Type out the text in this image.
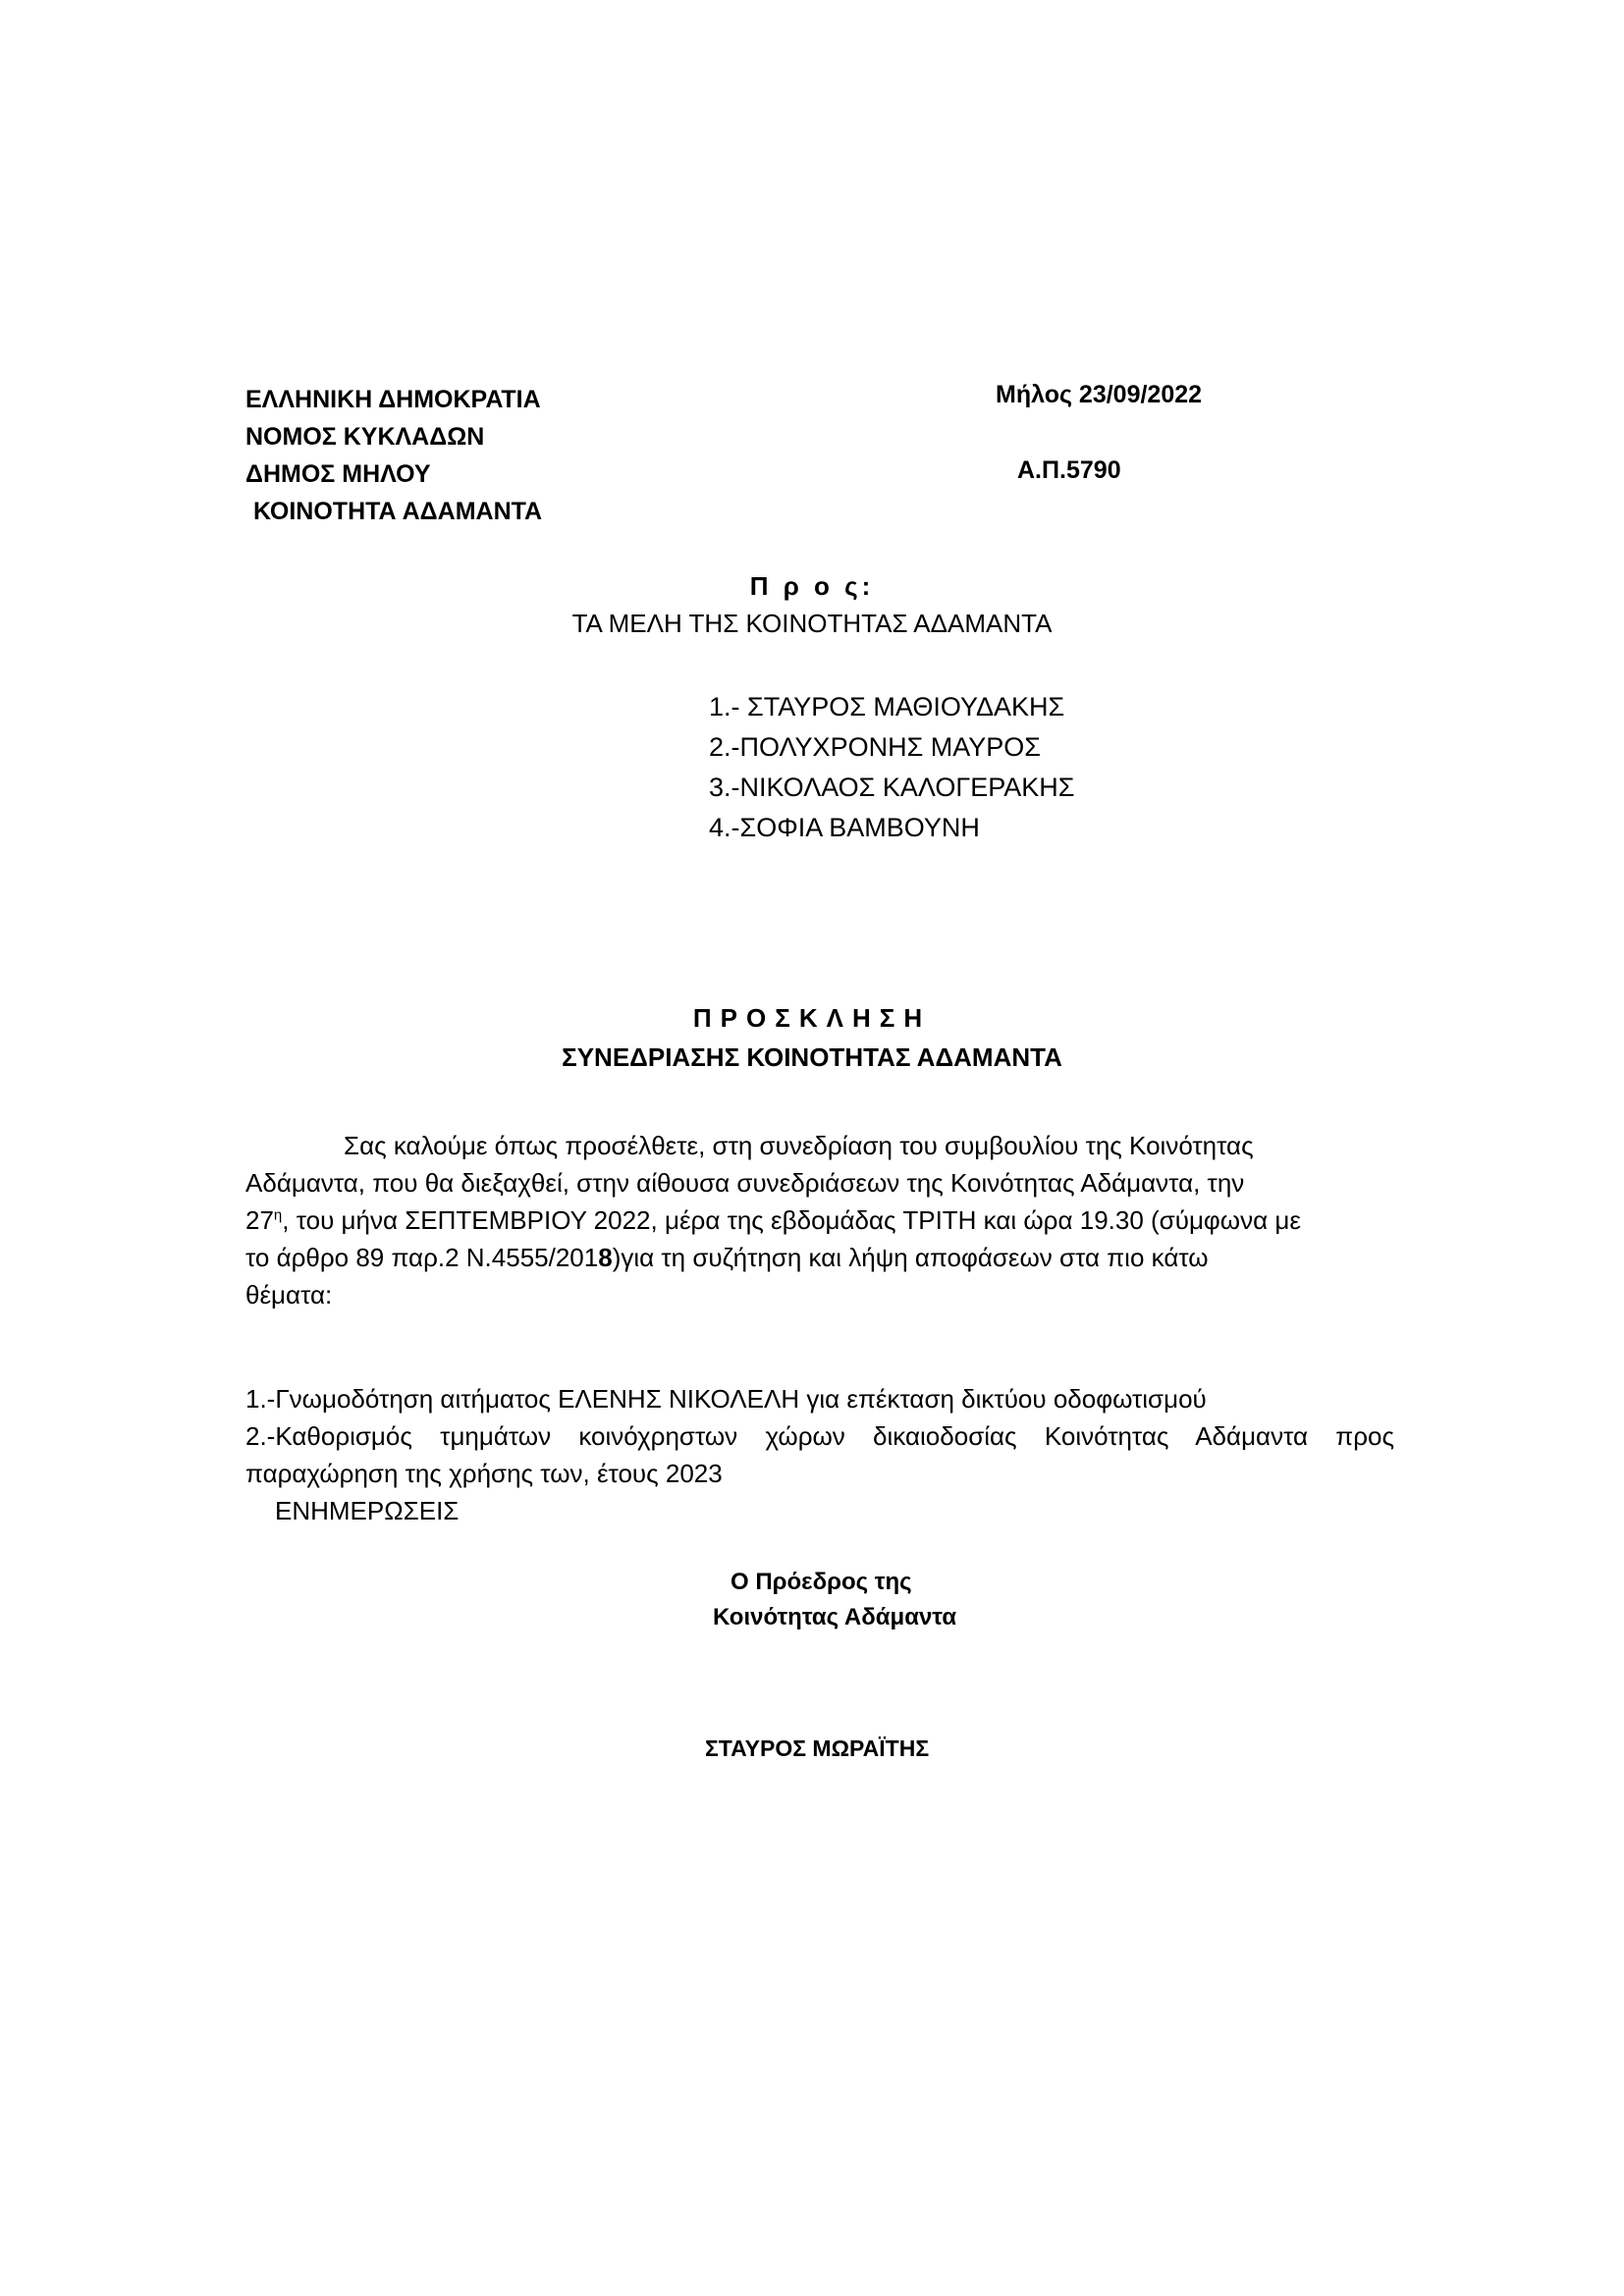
ΕΛΛΗΝΙΚΗ ΔΗΜΟΚΡΑΤΙΑ
ΝΟΜΟΣ ΚΥΚΛΑΔΩΝ
ΔΗΜΟΣ ΜΗΛΟΥ
ΚΟΙΝΟΤΗΤΑ ΑΔΑΜΑΝΤΑ
Μήλος 23/09/2022
Α.Π.5790
Π ρ ο ς:
ΤΑ ΜΕΛΗ ΤΗΣ ΚΟΙΝΟΤΗΤΑΣ ΑΔΑΜΑΝΤΑ
1.- ΣΤΑΥΡΟΣ ΜΑΘΙΟΥΔΑΚΗΣ
2.-ΠΟΛΥΧΡΟΝΗΣ ΜΑΥΡΟΣ
3.-ΝΙΚΟΛΑΟΣ ΚΑΛΟΓΕΡΑΚΗΣ
4.-ΣΟΦΙΑ ΒΑΜΒΟΥΝΗ
ΠΡΟΣΚΛΗΣΗ
ΣΥΝΕΔΡΙΑΣΗΣ ΚΟΙΝΟΤΗΤΑΣ ΑΔΑΜΑΝΤΑ
Σας καλούμε όπως προσέλθετε, στη συνεδρίαση του συμβουλίου της Κοινότητας
Αδάμαντα, που θα διεξαχθεί, στην αίθουσα συνεδριάσεων της Κοινότητας Αδάμαντα, την
$27^\eta$, του μήνα ΣΕΠΤΕΜΒΡΙΟΥ 2022, μέρα της εβδομάδας ΤΡΙΤΗ και ώρα 19.30 (σύμφωνα με
το άρθρο 89 παρ.2 Ν.4555/2018)για τη συζήτηση και λήψη αποφάσεων στα πιο κάτω
θέματα:
1.-Γνωμοδότηση αιτήματος ΕΛΕΝΗΣ ΝΙΚΟΛΕΛΗ για επέκταση δικτύου οδοφωτισμού
2.-Καθορισμός τμημάτων κοινόχρηστων χώρων δικαιοδοσίας Κοινότητας Αδάμαντα προς
παραχώρηση της χρήσης των, έτους 2023
ΕΝΗΜΕΡΩΣΕΙΣ
Ο Πρόεδρος της
Κοινότητας Αδάμαντα
ΣΤΑΥΡΟΣ ΜΩΡΑΪΤΗΣ
